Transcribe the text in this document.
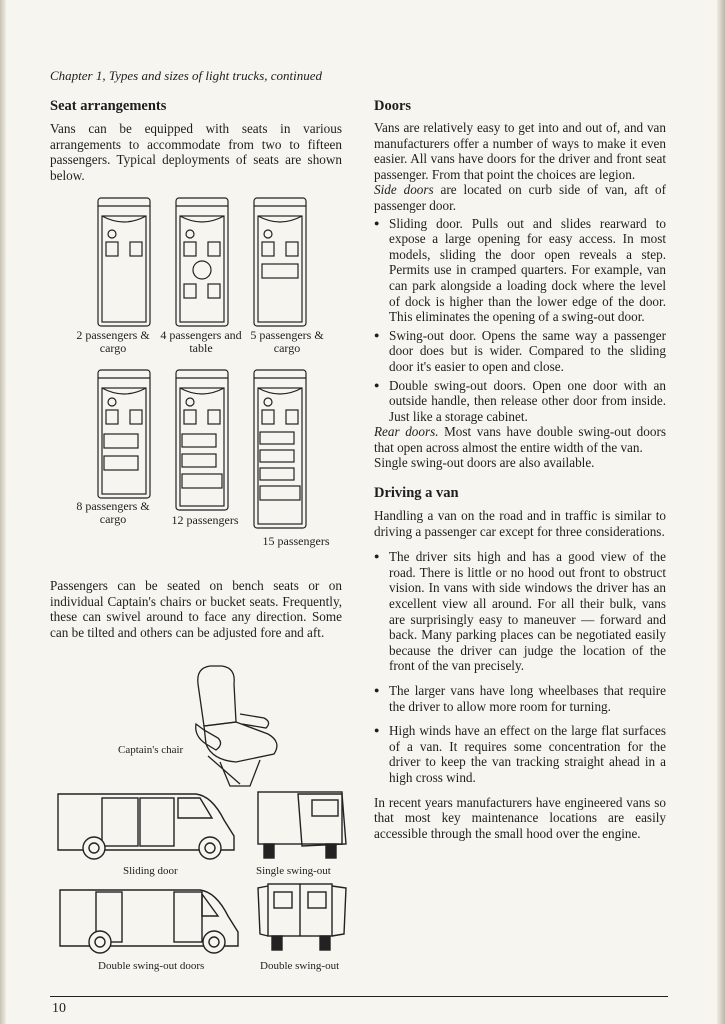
Chapter 1, Types and sizes of light trucks, continued
Seat arrangements

Vans can be equipped with seats in various arrangements to accommodate from two to fifteen passengers. Typical deployments of seats are shown below.

2 passengers & cargo
4 passengers and table
5 passengers & cargo
8 passengers & cargo	12 passengers
15 passengers

Passengers can be seated on bench seats or on individual Captain's chairs or bucket seats. Frequently, these can swivel around to face any direction. Some can be tilted and others can be adjusted fore and aft.

Captain's chair
Sliding door	Single swing-out
Double swing-out doors	Double swing-out
Doors

Vans are relatively easy to get into and out of, and van manufacturers offer a number of ways to make it even easier. All vans have doors for the driver and front seat passenger. From that point the choices are legion.

Side doors are located on curb side of van, aft of passenger door.

● Sliding door. Pulls out and slides rearward to expose a large opening for easy access. In most models, sliding the door open reveals a step. Permits use in cramped quarters. For example, van can park alongside a loading dock where the level of dock is higher than the lower edge of the door. This eliminates the opening of a swing-out door.
● Swing-out door. Opens the same way a passenger door does but is wider. Compared to the sliding door it's easier to open and close.
● Double swing-out doors. Open one door with an outside handle, then release other door from inside. Just like a storage cabinet.

Rear doors. Most vans have double swing-out doors that open across almost the entire width of the van.

Single swing-out doors are also available.

Driving a van

Handling a van on the road and in traffic is similar to driving a passenger car except for three considerations.

● The driver sits high and has a good view of the road. There is little or no hood out front to obstruct vision. In vans with side windows the driver has an excellent view all around. For all their bulk, vans are surprisingly easy to maneuver — forward and back. Many parking places can be negotiated easily because the driver can judge the location of the front of the van precisely.
● The larger vans have long wheelbases that require the driver to allow more room for turning.
● High winds have an effect on the large flat surfaces of a van. It requires some concentration for the driver to keep the van tracking straight ahead in a high cross wind.

In recent years manufacturers have engineered vans so that most key maintenance locations are easily accessible through the small hood over the engine.

10
